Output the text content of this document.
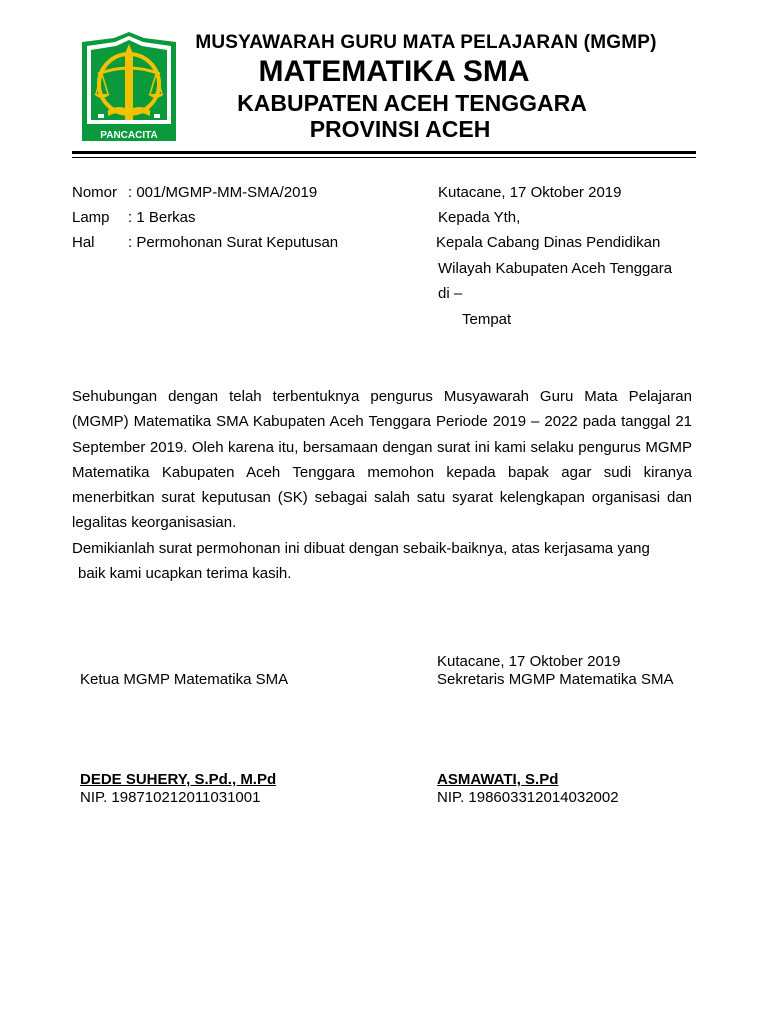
PANCACITA
MUSYAWARAH GURU MATA PELAJARAN (MGMP)
MATEMATIKA SMA
KABUPATEN ACEH TENGGARA
PROVINSI ACEH
Nomor : 001/MGMP-MM-SMA/2019
Lamp : 1 Berkas
Hal : Permohonan Surat Keputusan
Kutacane, 17 Oktober 2019
Kepada Yth,
Kepala Cabang Dinas Pendidikan
Wilayah Kabupaten Aceh Tenggara
di –
Tempat

Sehubungan dengan telah terbentuknya pengurus Musyawarah Guru Mata Pelajaran (MGMP) Matematika SMA Kabupaten Aceh Tenggara Periode 2019 – 2022 pada tanggal 21 September 2019. Oleh karena itu, bersamaan dengan surat ini kami selaku pengurus MGMP Matematika Kabupaten Aceh Tenggara memohon kepada bapak agar sudi kiranya menerbitkan surat keputusan (SK) sebagai salah satu syarat kelengkapan organisasi dan legalitas keorganisasian.

Demikianlah surat permohonan ini dibuat dengan sebaik-baiknya, atas kerjasama yang

baik kami ucapkan terima kasih.

Kutacane, 17 Oktober 2019
Ketua MGMP Matematika SMA	Sekretaris MGMP Matematika SMA
DEDE SUHERY, S.Pd., M.Pd
NIP. 198710212011031001
ASMAWATI, S.Pd
NIP. 198603312014032002
